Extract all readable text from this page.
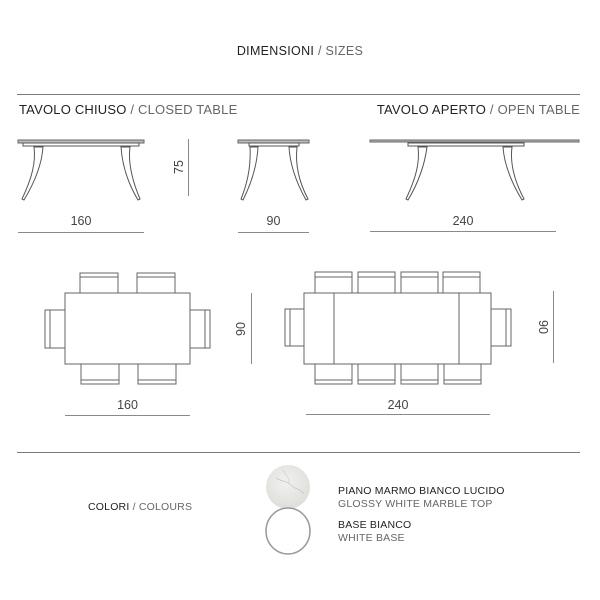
DIMENSIONI / SIZES
TAVOLO CHIUSO / CLOSED TABLE	TAVOLO APERTO / OPEN TABLE
75
160	90	240
90
160
90
240
COLORI / COLOURS
PIANO MARMO BIANCO LUCIDO
GLOSSY WHITE MARBLE TOP
BASE BIANCO
WHITE BASE
